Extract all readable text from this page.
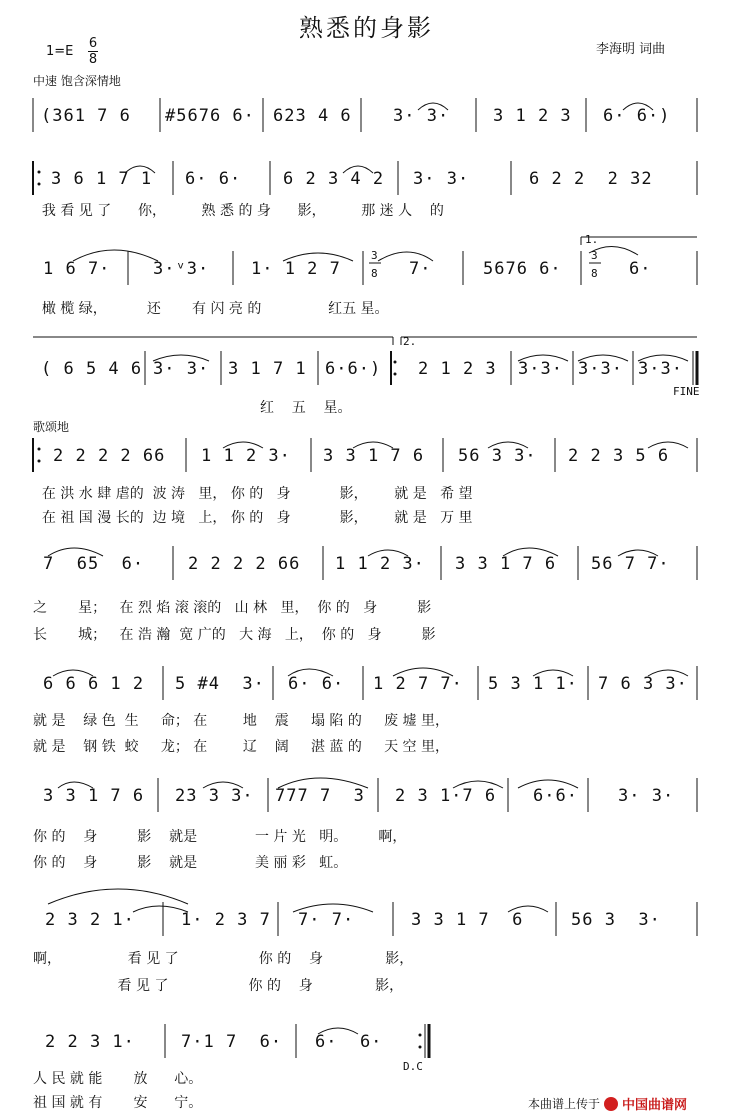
熟悉的身影
1=E
6
8
李海明 词曲
中速 饱含深情地
(361 7 6 #5676 6· 623 4 6 3· 3·	3 1 2 3 6· 6·)
3 6 1 7 1 6· 6· 6 2 3 4 2 3· 3·	6 2 2  2 32
我 看 见 了      你，        熟 悉 的 身      影，        那 迷 人    的
1 6 7·	3·ᵛ3· 1· 1 2 7	7·	5676 6·	6·
3
8
3
8
1.
橄 榄 绿，         还       有 闪 亮 的               红五 星。
( 6 5 4 6 3· 3· 3 1 7 1 6·6·) 2 1 2 3 3·3· 3·3· 3·3·
2.
FINE
红    五    星。
歌颂地
2 2 2 2 66 1 1 2 3· 3 3 1 7 6 56 3 3· 2 2 3 5 6
在 洪 水 肆 虐的  波 涛   里， 你 的   身           影，      就 是   希 望
在 祖 国 漫 长的  边 境   上， 你 的   身           影，      就 是   万 里
7  65  6·	2 2 2 2 66 1 1 2 3· 3 3 1 7 6 56 7 7·
之       星；   在 烈 焰 滚 滚的   山 林   里，  你 的   身         影
长       城；   在 浩 瀚  宽 广的   大 海   上，  你 的   身         影
6 6 6 1 2 5 #4  3· 6· 6· 1 2 7 7· 5 3 1 1· 7 6 3 3·
就 是    绿 色  生     命； 在        地    震     塌 陷 的     废 墟 里，
就 是    钢 铁  蛟     龙； 在        辽    阔     湛 蓝 的     天 空 里，
3 3 1 7 6 23 3 3· 777 7  3 2 3 1·7 6 6·6· 3· 3·
你 的    身         影    就是             一 片 光   明。       啊，
你 的    身         影    就是             美 丽 彩   虹。
2 3 2 1·	1· 2 3 7 7· 7·	3 3 1 7  6	56 3  3·
啊，               看 见 了                  你 的    身              影，
看 见 了                  你 的    身              影，
2 2 3 1·	7·1 7  6· 6·  6·
D.C
人 民 就 能       放      心。
祖 国 就 有       安      宁。	本曲谱上传于 中国曲谱网
